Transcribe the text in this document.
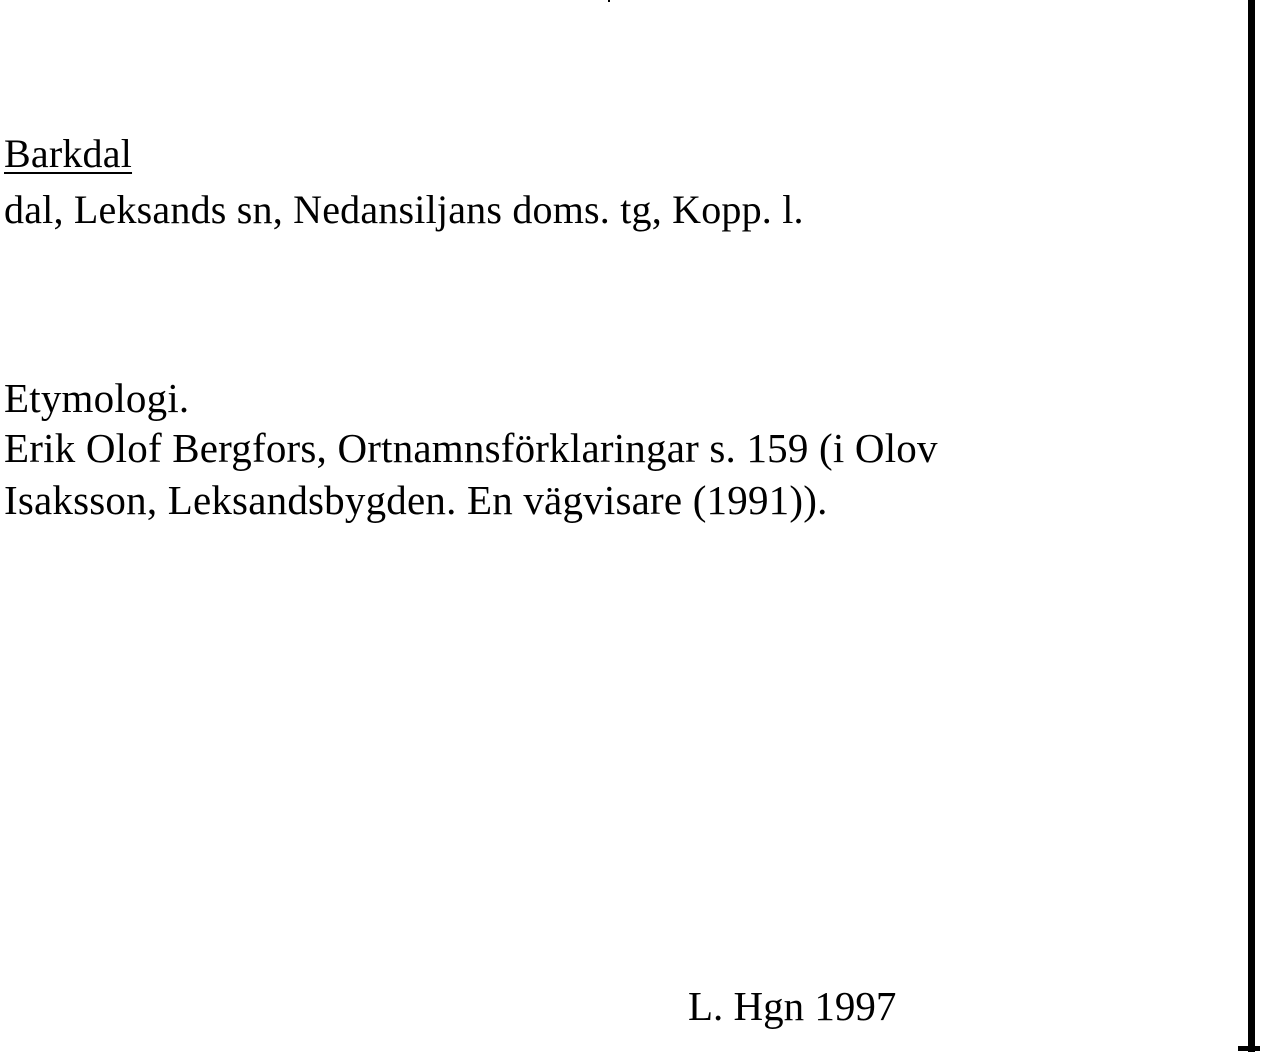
Barkdal
dal, Leksands sn, Nedansiljans doms. tg, Kopp. l.
Etymologi.
Erik Olof Bergfors, Ortnamnsförklaringar s. 159 (i Olov
Isaksson, Leksandsbygden. En vägvisare (1991)).
L. Hgn 1997
